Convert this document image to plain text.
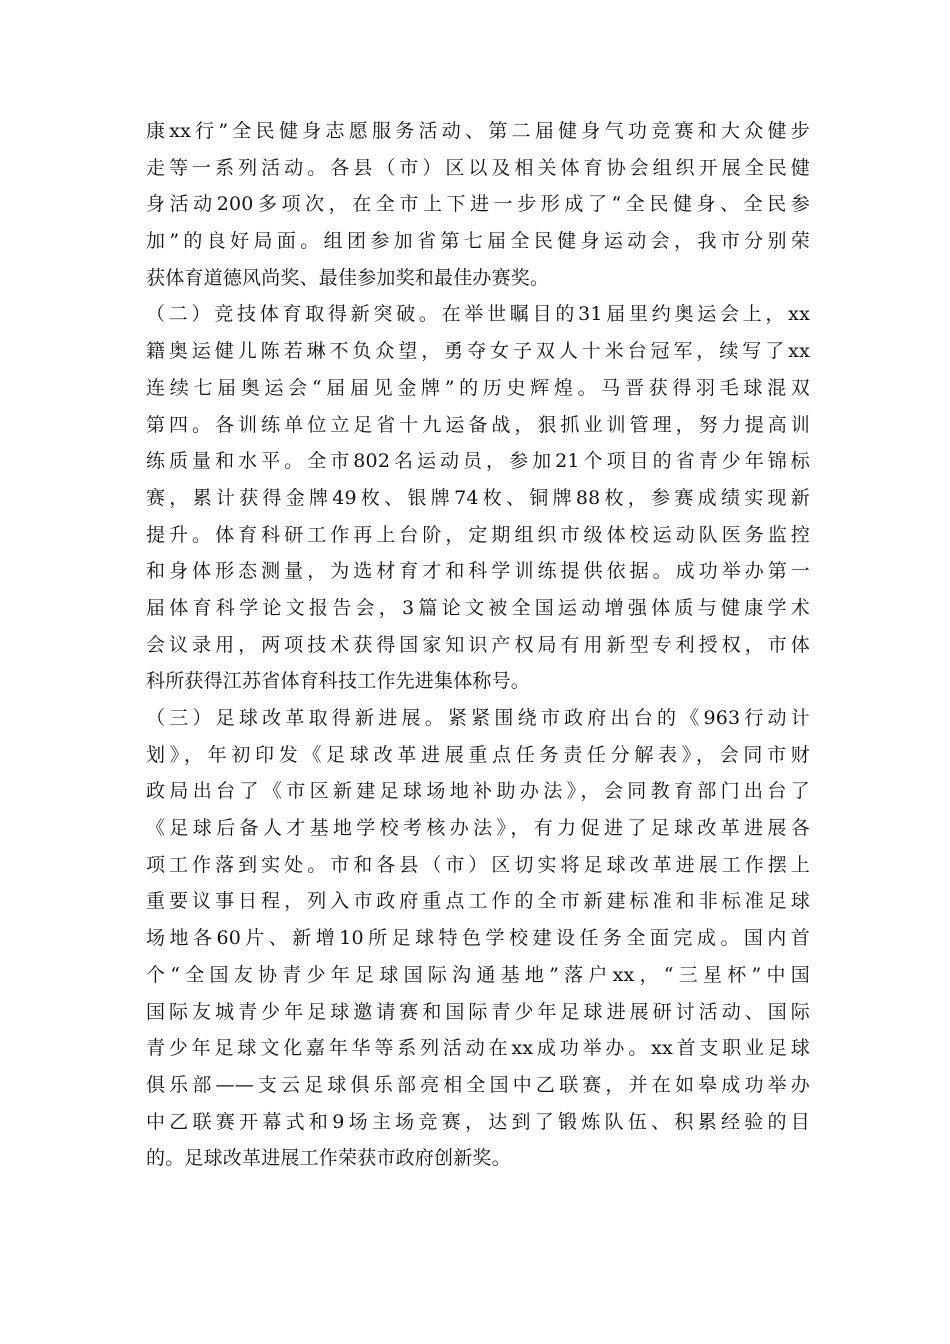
康xx行”全民健身志愿服务活动、第二届健身气功竞赛和大众健步
走等一系列活动。各县（市）区以及相关体育协会组织开展全民健
身活动200多项次，在全市上下进一步形成了“全民健身、全民参
加”的良好局面。组团参加省第七届全民健身运动会，我市分别荣
获体育道德风尚奖、最佳参加奖和最佳办赛奖。
（二）竞技体育取得新突破。在举世瞩目的31届里约奥运会上，xx
籍奥运健儿陈若琳不负众望，勇夺女子双人十米台冠军，续写了xx
连续七届奥运会“届届见金牌”的历史辉煌。马晋获得羽毛球混双
第四。各训练单位立足省十九运备战，狠抓业训管理，努力提高训
练质量和水平。全市802名运动员，参加21个项目的省青少年锦标
赛，累计获得金牌49枚、银牌74枚、铜牌88枚，参赛成绩实现新
提升。体育科研工作再上台阶，定期组织市级体校运动队医务监控
和身体形态测量，为选材育才和科学训练提供依据。成功举办第一
届体育科学论文报告会，3篇论文被全国运动增强体质与健康学术
会议录用，两项技术获得国家知识产权局有用新型专利授权，市体
科所获得江苏省体育科技工作先进集体称号。
（三）足球改革取得新进展。紧紧围绕市政府出台的《963行动计
划》，年初印发《足球改革进展重点任务责任分解表》，会同市财
政局出台了《市区新建足球场地补助办法》，会同教育部门出台了
《足球后备人才基地学校考核办法》，有力促进了足球改革进展各
项工作落到实处。市和各县（市）区切实将足球改革进展工作摆上
重要议事日程，列入市政府重点工作的全市新建标准和非标准足球
场地各60片、新增10所足球特色学校建设任务全面完成。国内首
个“全国友协青少年足球国际沟通基地”落户xx，“三星杯”中国
国际友城青少年足球邀请赛和国际青少年足球进展研讨活动、国际
青少年足球文化嘉年华等系列活动在xx成功举办。xx首支职业足球
俱乐部——支云足球俱乐部亮相全国中乙联赛，并在如皋成功举办
中乙联赛开幕式和9场主场竞赛，达到了锻炼队伍、积累经验的目
的。足球改革进展工作荣获市政府创新奖。
